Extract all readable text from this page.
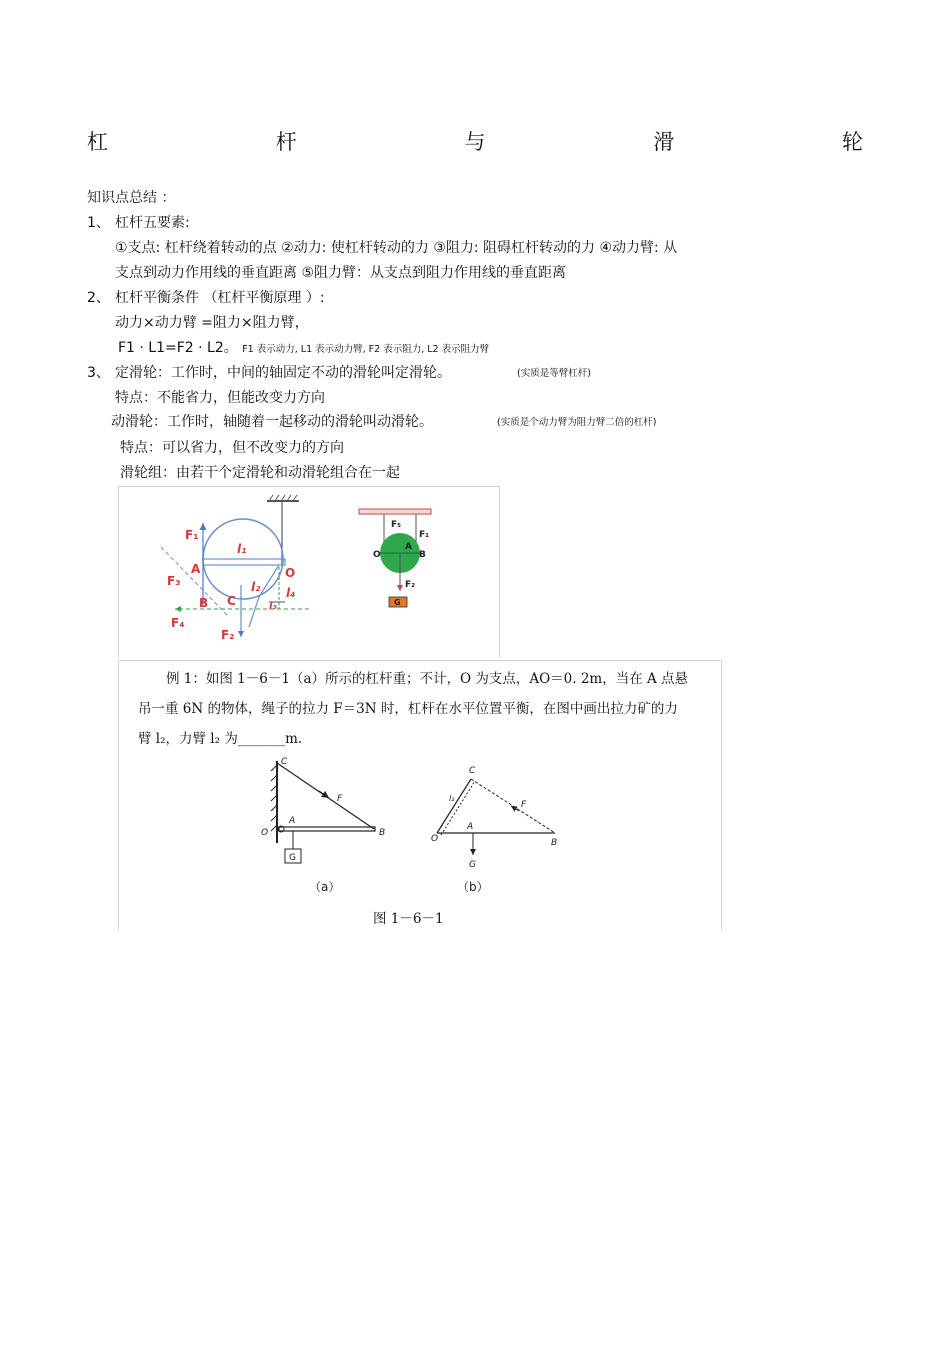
杠	杆	与	滑	轮
知识点总结 ：
1、 杠杆五要素:
①支点: 杠杆绕着转动的点 ②动力: 使杠杆转动的力 ③阻力: 阻碍杠杆转动的力 ④动力臂: 从
支点到动力作用线的垂直距离 ⑤阻力臂：从支点到阻力作用线的垂直距离
2、 杠杆平衡条件 （杠杆平衡原理 ）:
动力×动力臂 =阻力×阻力臂，
F1 · L1=F2 · L2。 F1 表示动力, L1 表示动力臂, F2 表示阻力, L2 表示阻力臂
3、 定滑轮：工作时，中间的轴固定不动的滑轮叫定滑轮。	(实质是等臂杠杆)
特点：不能省力，但能改变力方向
动滑轮：工作时，轴随着一起移动的滑轮叫动滑轮。	(实质是个动力臂为阻力臂二倍的杠杆)
特点：可以省力，但不改变力的方向
滑轮组：由若干个定滑轮和动滑轮组合在一起
F₁
A
F₃
B C
O
F₄
F₂
l₁
l₂
l₃
l₄
F₅
F₁
O
A
B
F₂
G
例 1：如图 1－6－1（a）所示的杠杆重；不计，O 为支点，AO＝0. 2m，当在 A 点悬
吊一重 6N 的物体，绳子的拉力 F＝3N 时，杠杆在水平位置平衡，在图中画出拉力矿的力
臂 l₂，力臂 l₂ 为_______m.
C
F
O
A
B
G
（a）
C
l₂
F
O
A
B
G
（b）
图 1－6－1
